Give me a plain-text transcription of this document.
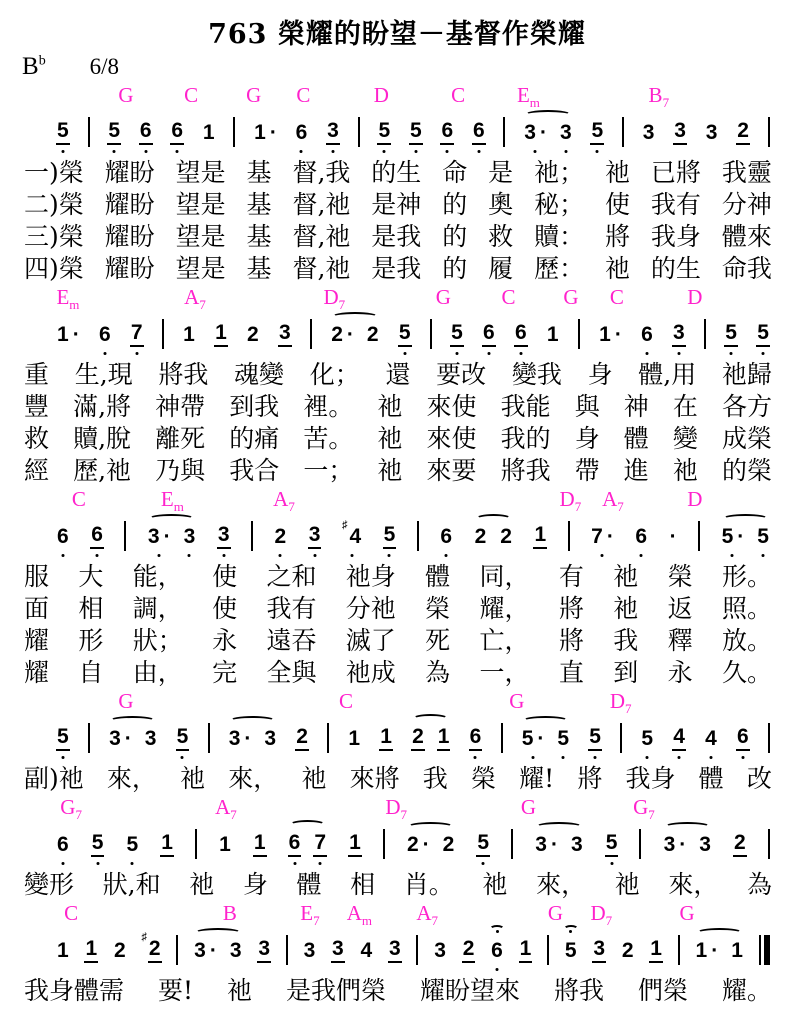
763 榮耀的盼望－基督作榮耀
$B^b$ 6/8
G C G C	D	C $E_m$	$B_7$
5 5 6 6 1 1 · 6 3 5 5 6 6 3 · 3 5 3 3 3 2
一)榮 耀盼 望是 基 督,我 的生 命 是 祂； 祂 已將 我靈
二)榮 耀盼 望是 基 督,祂 是神 的 奧 秘； 使 我有 分神
三)榮 耀盼 望是 基 督,祂 是我 的 救 贖： 將 我身 體來
四)榮 耀盼 望是 基 督,祂 是我 的 履 歷： 祂 的生 命我
$E_m$	$A_7$	$D_7$	G C G C	D
1 · 6 7 1 1 2 3 2 · 2 5 5 6 6 1 1 · 6 3 5 5
重 生,現 將我 魂變 化； 還 要改 變我 身 體,用 祂歸
豐 滿,將 神帶 到我 裡。 祂 來使 我能 與 神 在 各方
救 贖,脫 離死 的痛 苦。 祂 來使 我的 身 體 變 成榮
經 歷,祂 乃與 我合 一； 祂 來要 將我 帶 進 祂 的榮
C	$E_m$	$A_7$	$D_7$ $A_7$	D
6 6 3 · 3 3 2 3 ♯4 5 6 2 2 1 7 · 6 · 5 · 5
服 大 能， 使 之和 祂身 體 同， 有 祂 榮 形。
面 相 調， 使 我有 分祂 榮 耀， 將 祂 返 照。
耀 形 狀； 永 遠吞 滅了 死 亡， 將 我 釋 放。
耀 自 由， 完 全與 祂成 為 一， 直 到 永 久。
G	C	G	$D_7$
5 3 · 3 5 3 · 3 2 1 1 2 1 6 5 · 5 5 5 4 4 6
副)祂 來， 祂 來， 祂 來將 我 榮 耀! 將 我身 體 改
$G_7$	$A_7$	$D_7$	G	$G_7$
6 5 5 1 1 1 6 7 1 2 · 2 5 3 · 3 5 3 · 3 2
變形 狀,和 祂 身 體 相 肖。 祂 來， 祂 來， 為
C	B	$E_7$ $A_m$ $A_7$	G $D_7$	G
1 1 2
♯2 3 · 3 3 3 3 4 3 3 2 6 1 5 3 2 1 1 · 1
我身體需 要! 祂 是我們榮 耀盼望來 將我 們榮 耀。
